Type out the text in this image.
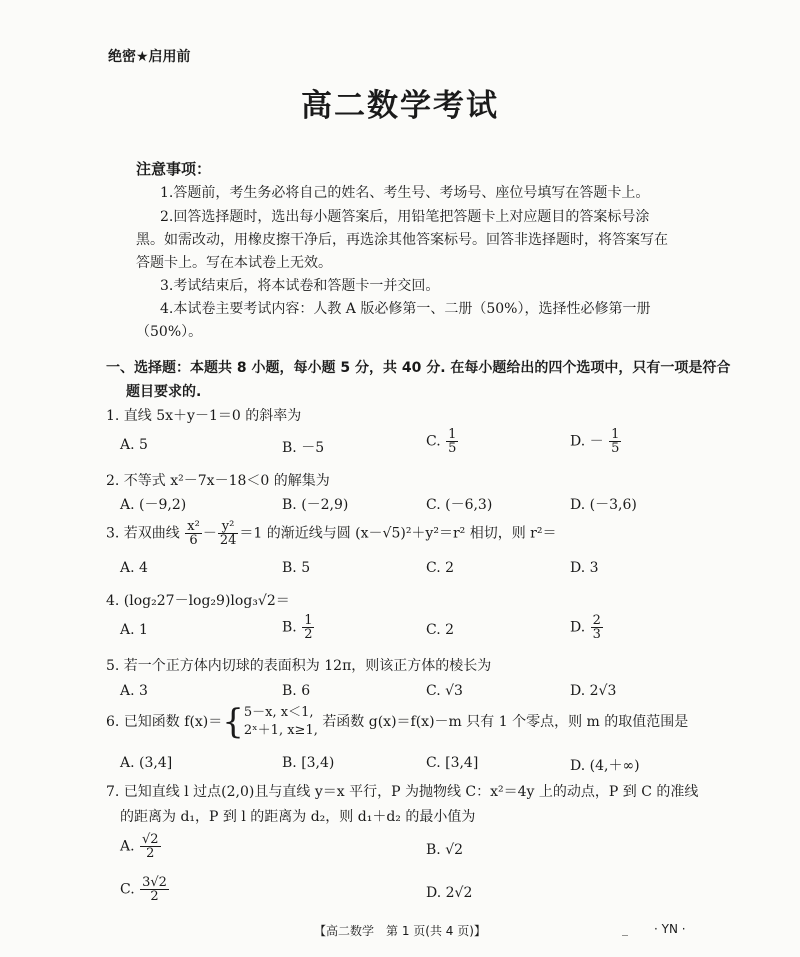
绝密★启用前
高二数学考试
注意事项：
1.答题前，考生务必将自己的姓名、考生号、考场号、座位号填写在答题卡上。
2.回答选择题时，选出每小题答案后，用铅笔把答题卡上对应题目的答案标号涂
黑。如需改动，用橡皮擦干净后，再选涂其他答案标号。回答非选择题时，将答案写在
答题卡上。写在本试卷上无效。
3.考试结束后，将本试卷和答题卡一并交回。
4.本试卷主要考试内容：人教 A 版必修第一、二册（50%），选择性必修第一册
（50%）。
一、选择题：本题共 8 小题，每小题 5 分，共 40 分. 在每小题给出的四个选项中，只有一项是符合
题目要求的.
1. 直线 5x＋y－1＝0 的斜率为
A. 5	B. －5	C. $\frac{1}{5}$	D. － $\frac{1}{5}$
2. 不等式 x²－7x－18＜0 的解集为
A. (－9,2)	B. (－2,9)	C. (－6,3)	D. (－3,6)
3. 若双曲线 $\frac{\text{x²}}{6} - \frac{\text{y²}}{24} =1$ 的渐近线与圆 (x－√5)²＋y²＝r² 相切，则 r²＝
A. 4	B. 5	C. 2	D. 3
4. (log₂27－log₂9)log₃√2＝
A. 1	B. $\frac{1}{2}$	C. 2	D. $\frac{2}{3}$
5. 若一个正方体内切球的表面积为 12π，则该正方体的棱长为
A. 3	B. 6	C. √3	D. 2√3
6. 已知函数 f(x)＝{ 5－x, x＜1,
2ˣ＋1, x≥1,
若函数 g(x)＝f(x)－m 只有 1 个零点，则 m 的取值范围是
A. (3,4]	B. [3,4)	C. [3,4]	D. (4,＋∞)
7. 已知直线 l 过点(2,0)且与直线 y＝x 平行，P 为抛物线 C：x²＝4y 上的动点，P 到 C 的准线
的距离为 d₁，P 到 l 的距离为 d₂，则 d₁＋d₂ 的最小值为
A. $\frac{√2}{2}$	B. √2
C. $\frac{3√2}{2}$	D. 2√2
【高二数学　第 1 页(共 4 页)】	_ · YN ·
